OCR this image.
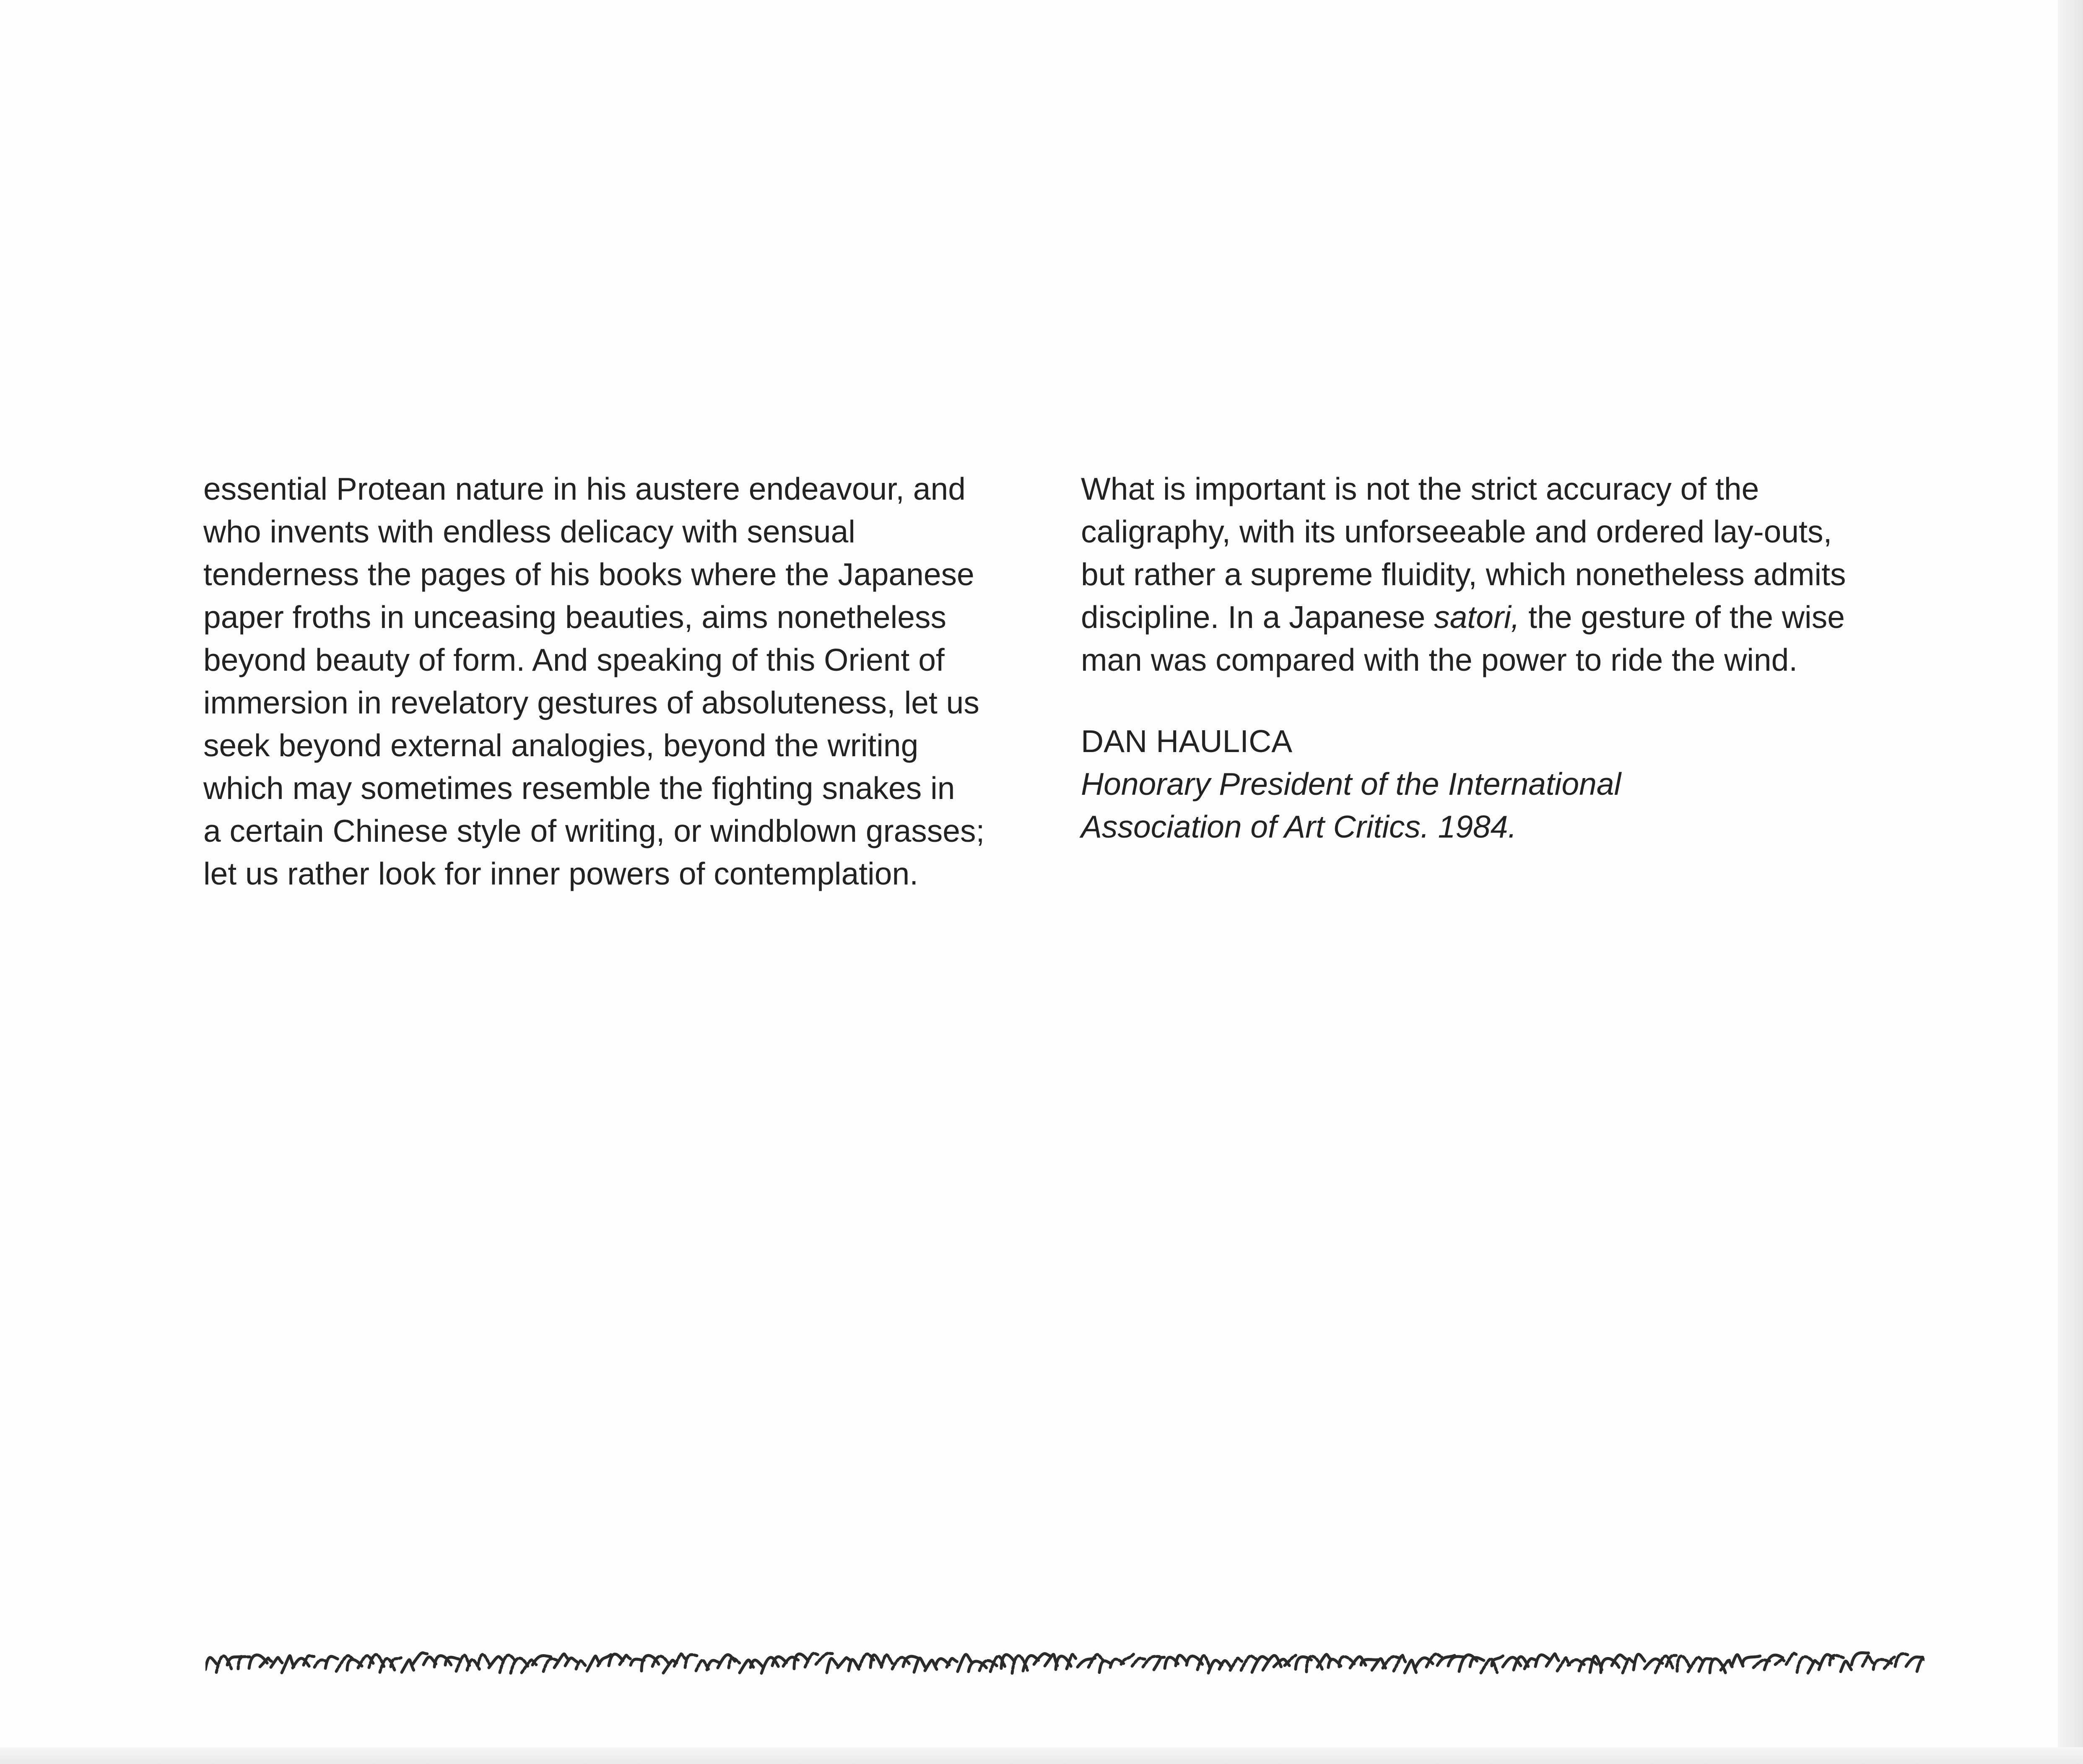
essential Protean nature in his austere endeavour, and
who invents with endless delicacy with sensual
tenderness the pages of his books where the Japanese
paper froths in unceasing beauties, aims nonetheless
beyond beauty of form. And speaking of this Orient of
immersion in revelatory gestures of absoluteness, let us
seek beyond external analogies, beyond the writing
which may sometimes resemble the fighting snakes in
a certain Chinese style of writing, or windblown grasses;
let us rather look for inner powers of contemplation.
What is important is not the strict accuracy of the
caligraphy, with its unforseeable and ordered lay-outs,
but rather a supreme fluidity, which nonetheless admits
discipline. In a Japanese satori, the gesture of the wise
man was compared with the power to ride the wind.
DAN HAULICA
Honorary President of the International
Association of Art Critics. 1984.
